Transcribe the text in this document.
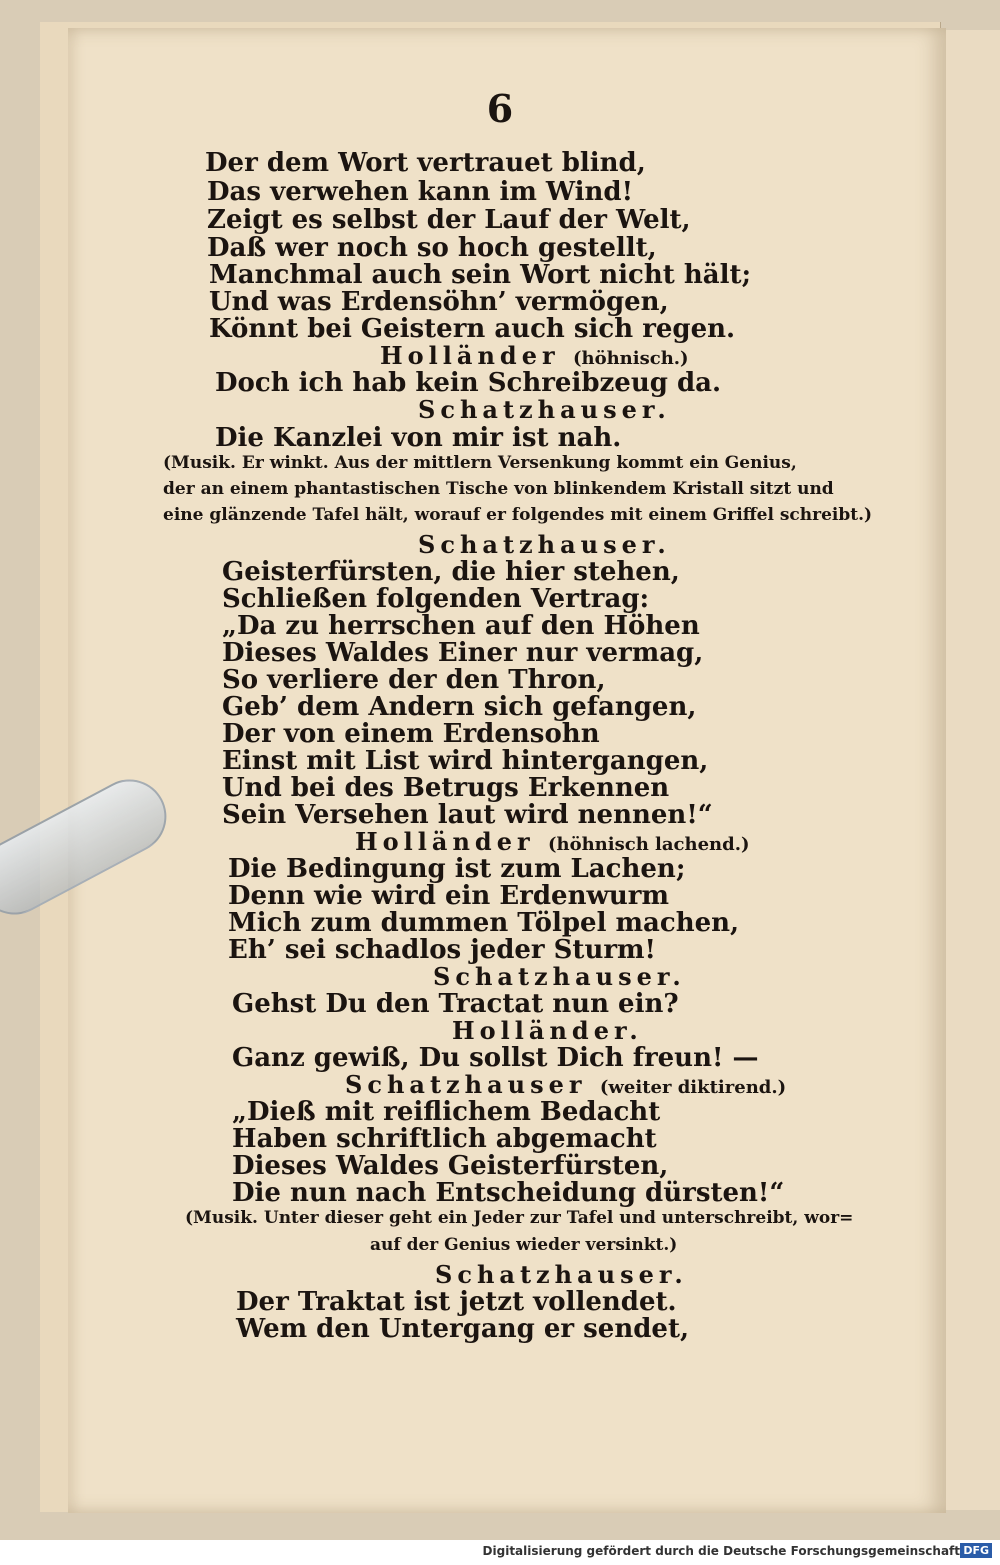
6
Der dem Wort vertrauet blind,
Das verwehen kann im Wind!
Zeigt es selbst der Lauf der Welt,
Daß wer noch so hoch gestellt,
Manchmal auch sein Wort nicht hält;
Und was Erdensöhn’ vermögen,
Könnt bei Geistern auch sich regen.
Holländer (höhnisch.)
Doch ich hab kein Schreibzeug da.
Schatzhauser.
Die Kanzlei von mir ist nah.
(Musik. Er winkt. Aus der mittlern Versenkung kommt ein Genius,
der an einem phantastischen Tische von blinkendem Kristall sitzt und
eine glänzende Tafel hält, worauf er folgendes mit einem Griffel schreibt.)
Schatzhauser.
Geisterfürsten, die hier stehen,
Schließen folgenden Vertrag:
„Da zu herrschen auf den Höhen
Dieses Waldes Einer nur vermag,
So verliere der den Thron,
Geb’ dem Andern sich gefangen,
Der von einem Erdensohn
Einst mit List wird hintergangen,
Und bei des Betrugs Erkennen
Sein Versehen laut wird nennen!“
Holländer (höhnisch lachend.)
Die Bedingung ist zum Lachen;
Denn wie wird ein Erdenwurm
Mich zum dummen Tölpel machen,
Eh’ sei schadlos jeder Sturm!
Schatzhauser.
Gehst Du den Tractat nun ein?
Holländer.
Ganz gewiß, Du sollst Dich freun! —
Schatzhauser (weiter diktirend.)
„Dieß mit reiflichem Bedacht
Haben schriftlich abgemacht
Dieses Waldes Geisterfürsten,
Die nun nach Entscheidung dürsten!“
(Musik. Unter dieser geht ein Jeder zur Tafel und unterschreibt, wor=
auf der Genius wieder versinkt.)
Schatzhauser.
Der Traktat ist jetzt vollendet.
Wem den Untergang er sendet,
Digitalisierung gefördert durch die Deutsche Forschungsgemeinschaft DFG
